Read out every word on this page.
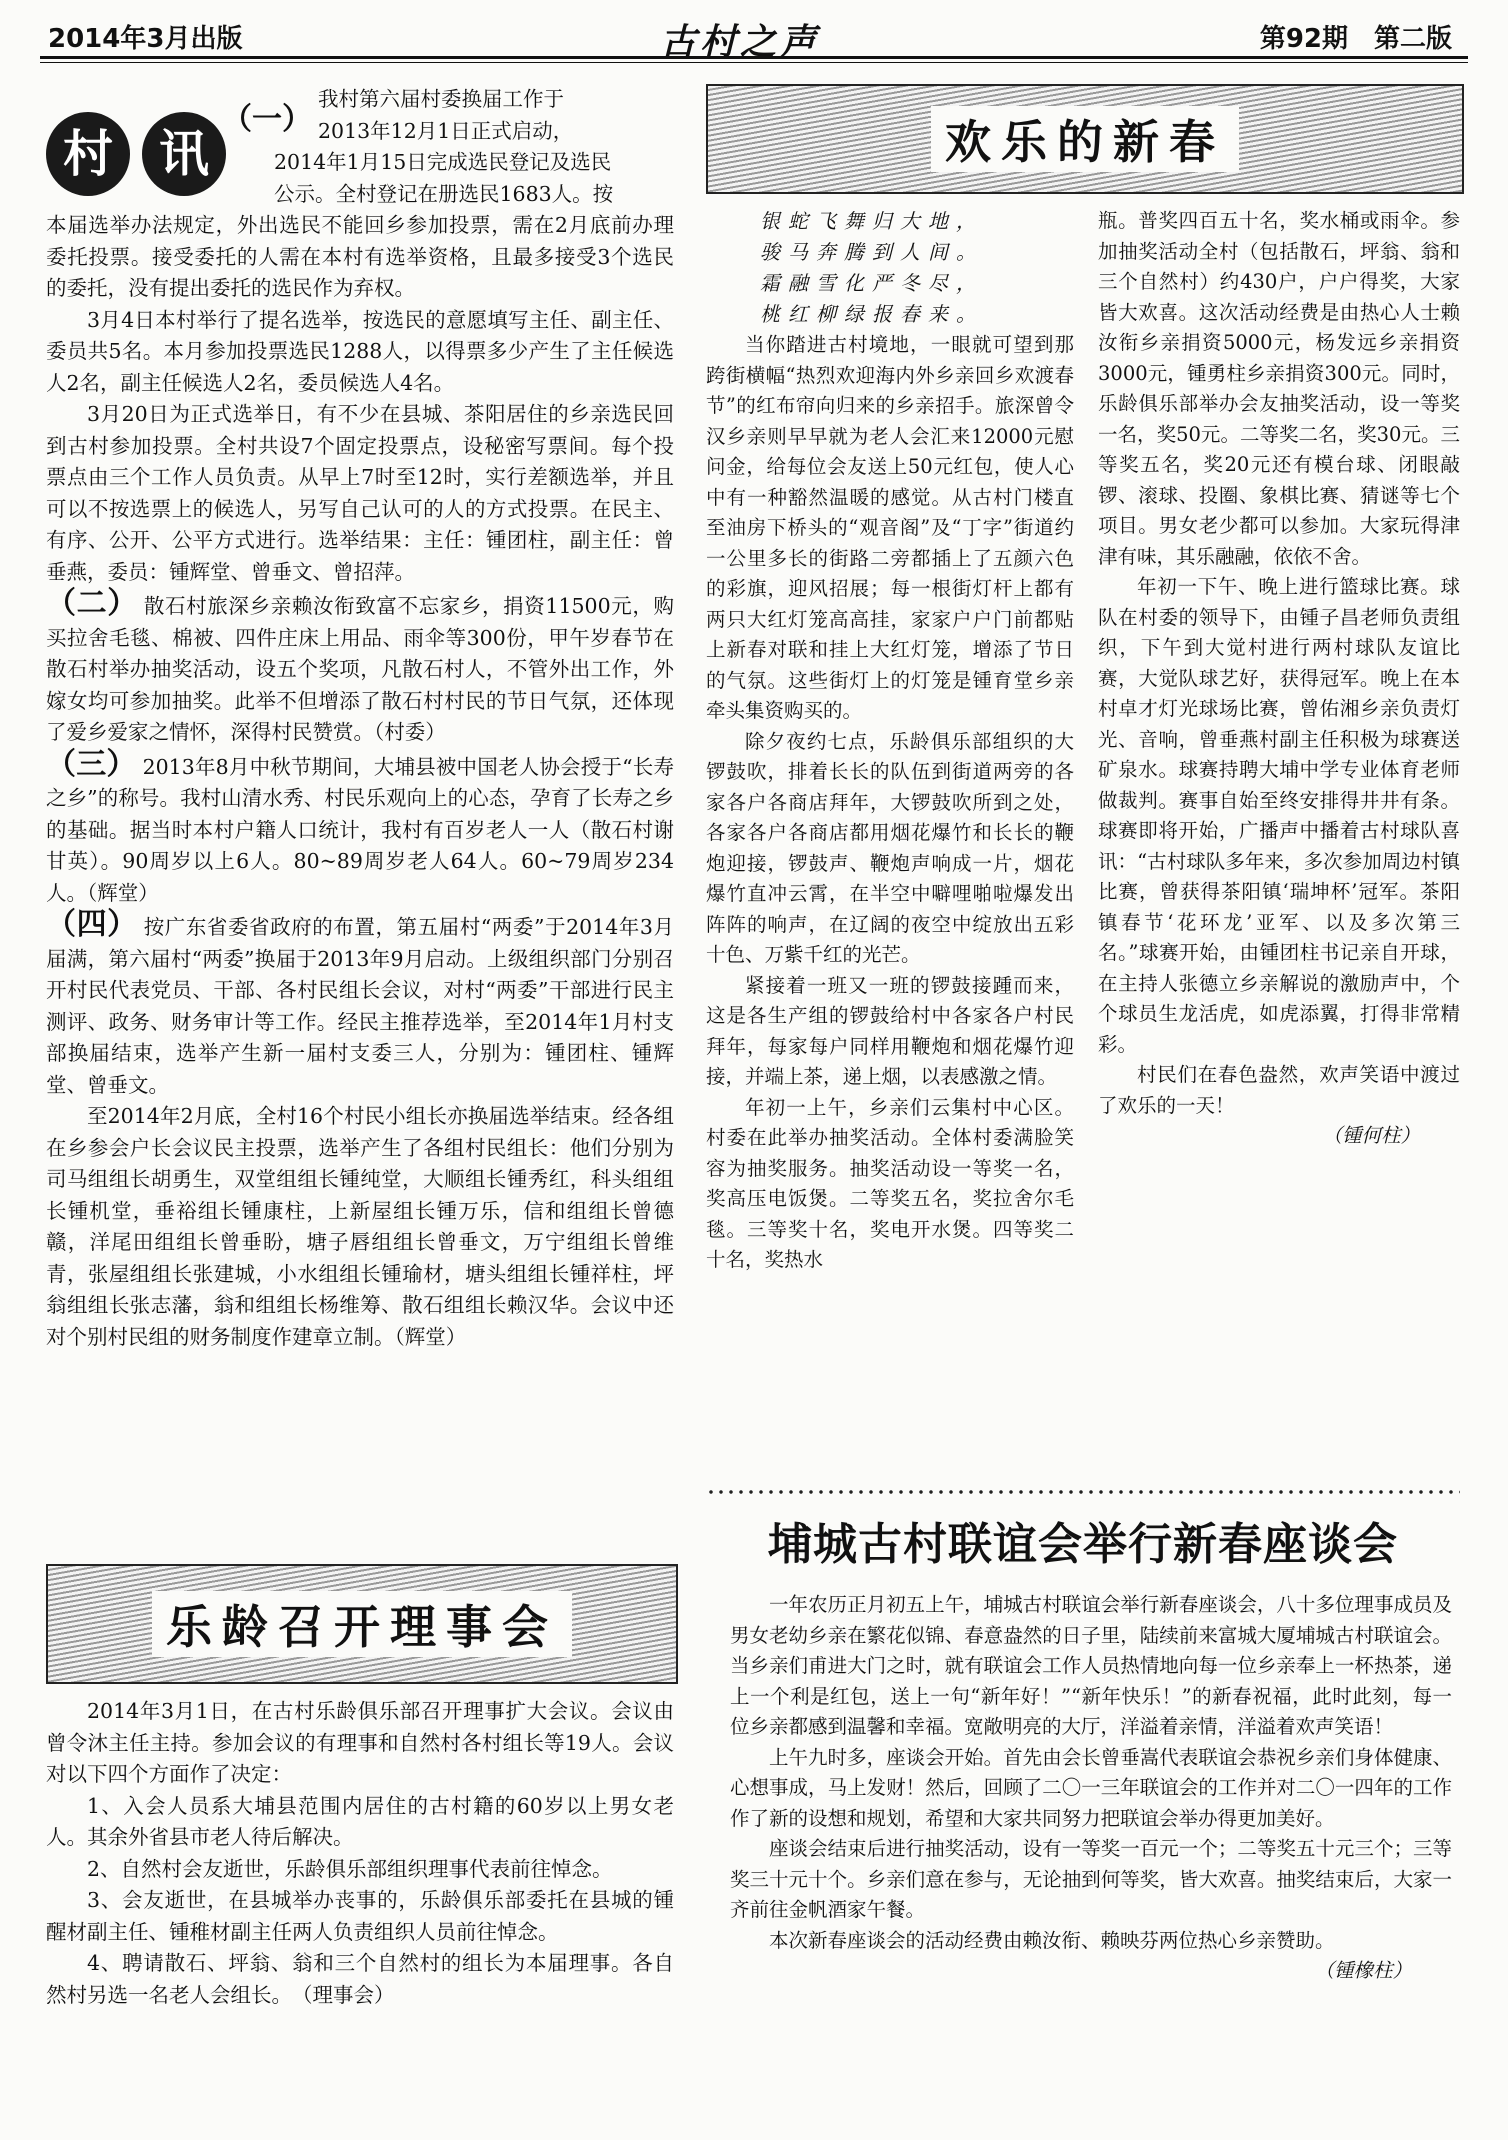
2014年3月出版	古村之声	第92期　第二版
村 讯
（一）

我村第六届村委换届工作于

2013年12月1日正式启动，

2014年1月15日完成选民登记及选民

公示。全村登记在册选民1683人。按

本届选举办法规定，外出选民不能回乡参加投票，需在2月底前办理委托投票。接受委托的人需在本村有选举资格，且最多接受3个选民的委托，没有提出委托的选民作为弃权。

3月4日本村举行了提名选举，按选民的意愿填写主任、副主任、委员共5名。本月参加投票选民1288人，以得票多少产生了主任候选人2名，副主任候选人2名，委员候选人4名。

3月20日为正式选举日，有不少在县城、茶阳居住的乡亲选民回到古村参加投票。全村共设7个固定投票点，设秘密写票间。每个投票点由三个工作人员负责。从早上7时至12时，实行差额选举，并且可以不按选票上的候选人，另写自己认可的人的方式投票。在民主、有序、公开、公平方式进行。选举结果：主任：锺团柱，副主任：曾垂燕，委员：锺辉堂、曾垂文、曾招萍。

（二） 散石村旅深乡亲赖汝衔致富不忘家乡，捐资11500元，购买拉舍毛毯、棉被、四件庄床上用品、雨伞等300份，甲午岁春节在散石村举办抽奖活动，设五个奖项，凡散石村人，不管外出工作，外嫁女均可参加抽奖。此举不但增添了散石村村民的节日气氛，还体现了爱乡爱家之情怀，深得村民赞赏。（村委）

（三） 2013年8月中秋节期间，大埔县被中国老人协会授于“长寿之乡”的称号。我村山清水秀、村民乐观向上的心态，孕育了长寿之乡的基础。据当时本村户籍人口统计，我村有百岁老人一人（散石村谢甘英）。90周岁以上6人。80~89周岁老人64人。60~79周岁234人。（辉堂）

（四） 按广东省委省政府的布置，第五届村“两委”于2014年3月届满，第六届村“两委”换届于2013年9月启动。上级组织部门分别召开村民代表党员、干部、各村民组长会议，对村“两委”干部进行民主测评、政务、财务审计等工作。经民主推荐选举，至2014年1月村支部换届结束，选举产生新一届村支委三人，分别为：锺团柱、锺辉堂、曾垂文。

至2014年2月底，全村16个村民小组长亦换届选举结束。经各组在乡参会户长会议民主投票，选举产生了各组村民组长：他们分别为司马组组长胡勇生，双堂组组长锺纯堂，大顺组长锺秀红，科头组组长锺机堂，垂裕组长锺康柱，上新屋组长锺万乐，信和组组长曾德赣，洋尾田组组长曾垂盼，塘子唇组组长曾垂文，万宁组组长曾维青，张屋组组长张建城，小水组组长锺瑜材，塘头组组长锺祥柱，坪翁组组长张志藩，翁和组组长杨维筹、散石组组长赖汉华。会议中还对个别村民组的财务制度作建章立制。（辉堂）

乐龄召开理事会

2014年3月1日，在古村乐龄俱乐部召开理事扩大会议。会议由曾令沐主任主持。参加会议的有理事和自然村各村组长等19人。会议对以下四个方面作了决定：

1、入会人员系大埔县范围内居住的古村籍的60岁以上男女老人。其余外省县市老人待后解决。

2、自然村会友逝世，乐龄俱乐部组织理事代表前往悼念。

3、会友逝世，在县城举办丧事的，乐龄俱乐部委托在县城的锺醒材副主任、锺稚材副主任两人负责组织人员前往悼念。

4、聘请散石、坪翁、翁和三个自然村的组长为本届理事。各自然村另选一名老人会组长。　 （理事会）

欢乐的新春

银蛇飞舞归大地，

骏马奔腾到人间。

霜融雪化严冬尽，

桃红柳绿报春来。

当你踏进古村境地，一眼就可望到那跨街横幅“热烈欢迎海内外乡亲回乡欢渡春节”的红布帘向归来的乡亲招手。旅深曾令汉乡亲则早早就为老人会汇来12000元慰问金，给每位会友送上50元红包，使人心中有一种豁然温暖的感觉。从古村门楼直至油房下桥头的“观音阁”及“丁字”街道约一公里多长的街路二旁都插上了五颜六色的彩旗，迎风招展；每一根街灯杆上都有两只大红灯笼高高挂，家家户户门前都贴上新春对联和挂上大红灯笼，增添了节日的气氛。这些街灯上的灯笼是锺育堂乡亲牵头集资购买的。

除夕夜约七点，乐龄俱乐部组织的大锣鼓吹，排着长长的队伍到街道两旁的各家各户各商店拜年，大锣鼓吹所到之处，各家各户各商店都用烟花爆竹和长长的鞭炮迎接，锣鼓声、鞭炮声响成一片，烟花爆竹直冲云霄，在半空中噼哩啪啦爆发出阵阵的响声，在辽阔的夜空中绽放出五彩十色、万紫千红的光芒。

紧接着一班又一班的锣鼓接踵而来，这是各生产组的锣鼓给村中各家各户村民拜年，每家每户同样用鞭炮和烟花爆竹迎接，并端上茶，递上烟，以表感激之情。

年初一上午，乡亲们云集村中心区。村委在此举办抽奖活动。全体村委满脸笑容为抽奖服务。抽奖活动设一等奖一名，奖高压电饭煲。二等奖五名，奖拉舍尔毛毯。三等奖十名，奖电开水煲。四等奖二十名，奖热水

瓶。普奖四百五十名，奖水桶或雨伞。参加抽奖活动全村（包括散石，坪翁、翁和三个自然村）约430户，户户得奖，大家皆大欢喜。这次活动经费是由热心人士赖汝衔乡亲捐资5000元，杨发远乡亲捐资3000元，锺勇柱乡亲捐资300元。同时，乐龄俱乐部举办会友抽奖活动，设一等奖一名，奖50元。二等奖二名，奖30元。三等奖五名，奖20元还有模台球、闭眼敲锣、滚球、投圈、象棋比赛、猜谜等七个项目。男女老少都可以参加。大家玩得津津有味，其乐融融，依依不舍。

年初一下午、晚上进行篮球比赛。球队在村委的领导下，由锺子昌老师负责组织，下午到大觉村进行两村球队友谊比赛，大觉队球艺好，获得冠军。晚上在本村卓才灯光球场比赛，曾佑湘乡亲负责灯光、音响，曾垂燕村副主任积极为球赛送矿泉水。球赛持聘大埔中学专业体育老师做裁判。赛事自始至终安排得井井有条。球赛即将开始，广播声中播着古村球队喜讯：“古村球队多年来，多次参加周边村镇比赛，曾获得茶阳镇‘瑞坤杯’冠军。茶阳镇春节‘花环龙’亚军、以及多次第三名。”球赛开始，由锺团柱书记亲自开球，在主持人张德立乡亲解说的激励声中，个个球员生龙活虎，如虎添翼，打得非常精彩。

村民们在春色盎然，欢声笑语中渡过了欢乐的一天！

（锺何柱）

埔城古村联谊会举行新春座谈会

一年农历正月初五上午，埔城古村联谊会举行新春座谈会，八十多位理事成员及男女老幼乡亲在繁花似锦、春意盎然的日子里，陆续前来富城大厦埔城古村联谊会。当乡亲们甫进大门之时，就有联谊会工作人员热情地向每一位乡亲奉上一杯热茶，递上一个利是红包，送上一句“新年好！”“新年快乐！”的新春祝福，此时此刻，每一位乡亲都感到温馨和幸福。宽敞明亮的大厅，洋溢着亲情，洋溢着欢声笑语！

上午九时多，座谈会开始。首先由会长曾垂嵩代表联谊会恭祝乡亲们身体健康、心想事成，马上发财！然后，回顾了二〇一三年联谊会的工作并对二〇一四年的工作作了新的设想和规划，希望和大家共同努力把联谊会举办得更加美好。

座谈会结束后进行抽奖活动，设有一等奖一百元一个；二等奖五十元三个；三等奖三十元十个。乡亲们意在参与，无论抽到何等奖，皆大欢喜。抽奖结束后，大家一齐前往金帆酒家午餐。

本次新春座谈会的活动经费由赖汝衔、赖映芬两位热心乡亲赞助。

（锺橡柱）
